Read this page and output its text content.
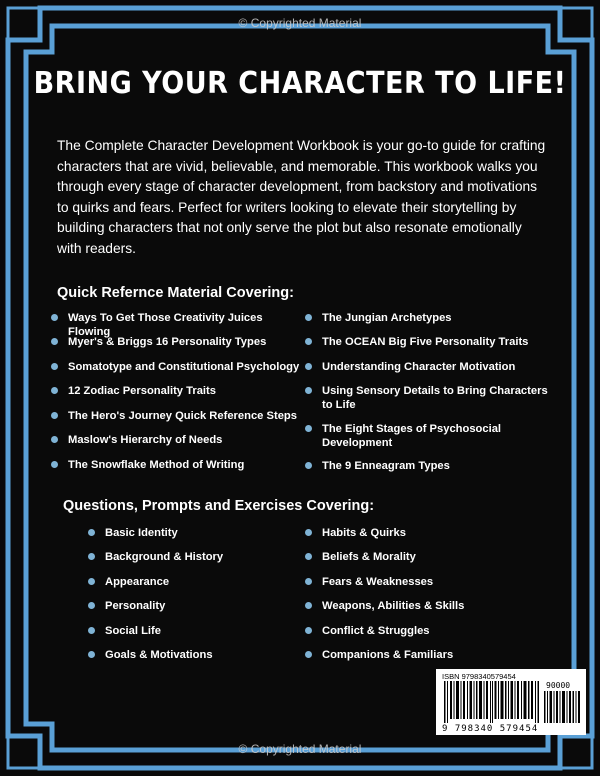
© Copyrighted Material
BRING YOUR CHARACTER TO LIFE!

The Complete Character Development Workbook is your go-to guide for crafting characters that are vivid, believable, and memorable. This workbook walks you through every stage of character development, from backstory and motivations to quirks and fears. Perfect for writers looking to elevate their storytelling by building characters that not only serve the plot but also resonate emotionally with readers.

Quick Refernce Material Covering:
Ways To Get Those Creativity Juices Flowing
Myer's & Briggs 16 Personality Types
Somatotype and Constitutional Psychology
12 Zodiac Personality Traits
The Hero's Journey Quick Reference Steps
Maslow's Hierarchy of Needs
The Snowflake Method of Writing
The Jungian Archetypes
The OCEAN Big Five Personality Traits
Understanding Character Motivation
Using Sensory Details to Bring Characters to Life
The Eight Stages of Psychosocial Development
The 9 Enneagram Types
Questions, Prompts and Exercises Covering:
Basic Identity
Background & History
Appearance
Personality
Social Life
Goals & Motivations
Habits & Quirks
Beliefs & Morality
Fears & Weaknesses
Weapons, Abilities & Skills
Conflict & Struggles
Companions & Familiars
ISBN 9798340579454
90000
9 798340 579454
© Copyrighted Material
